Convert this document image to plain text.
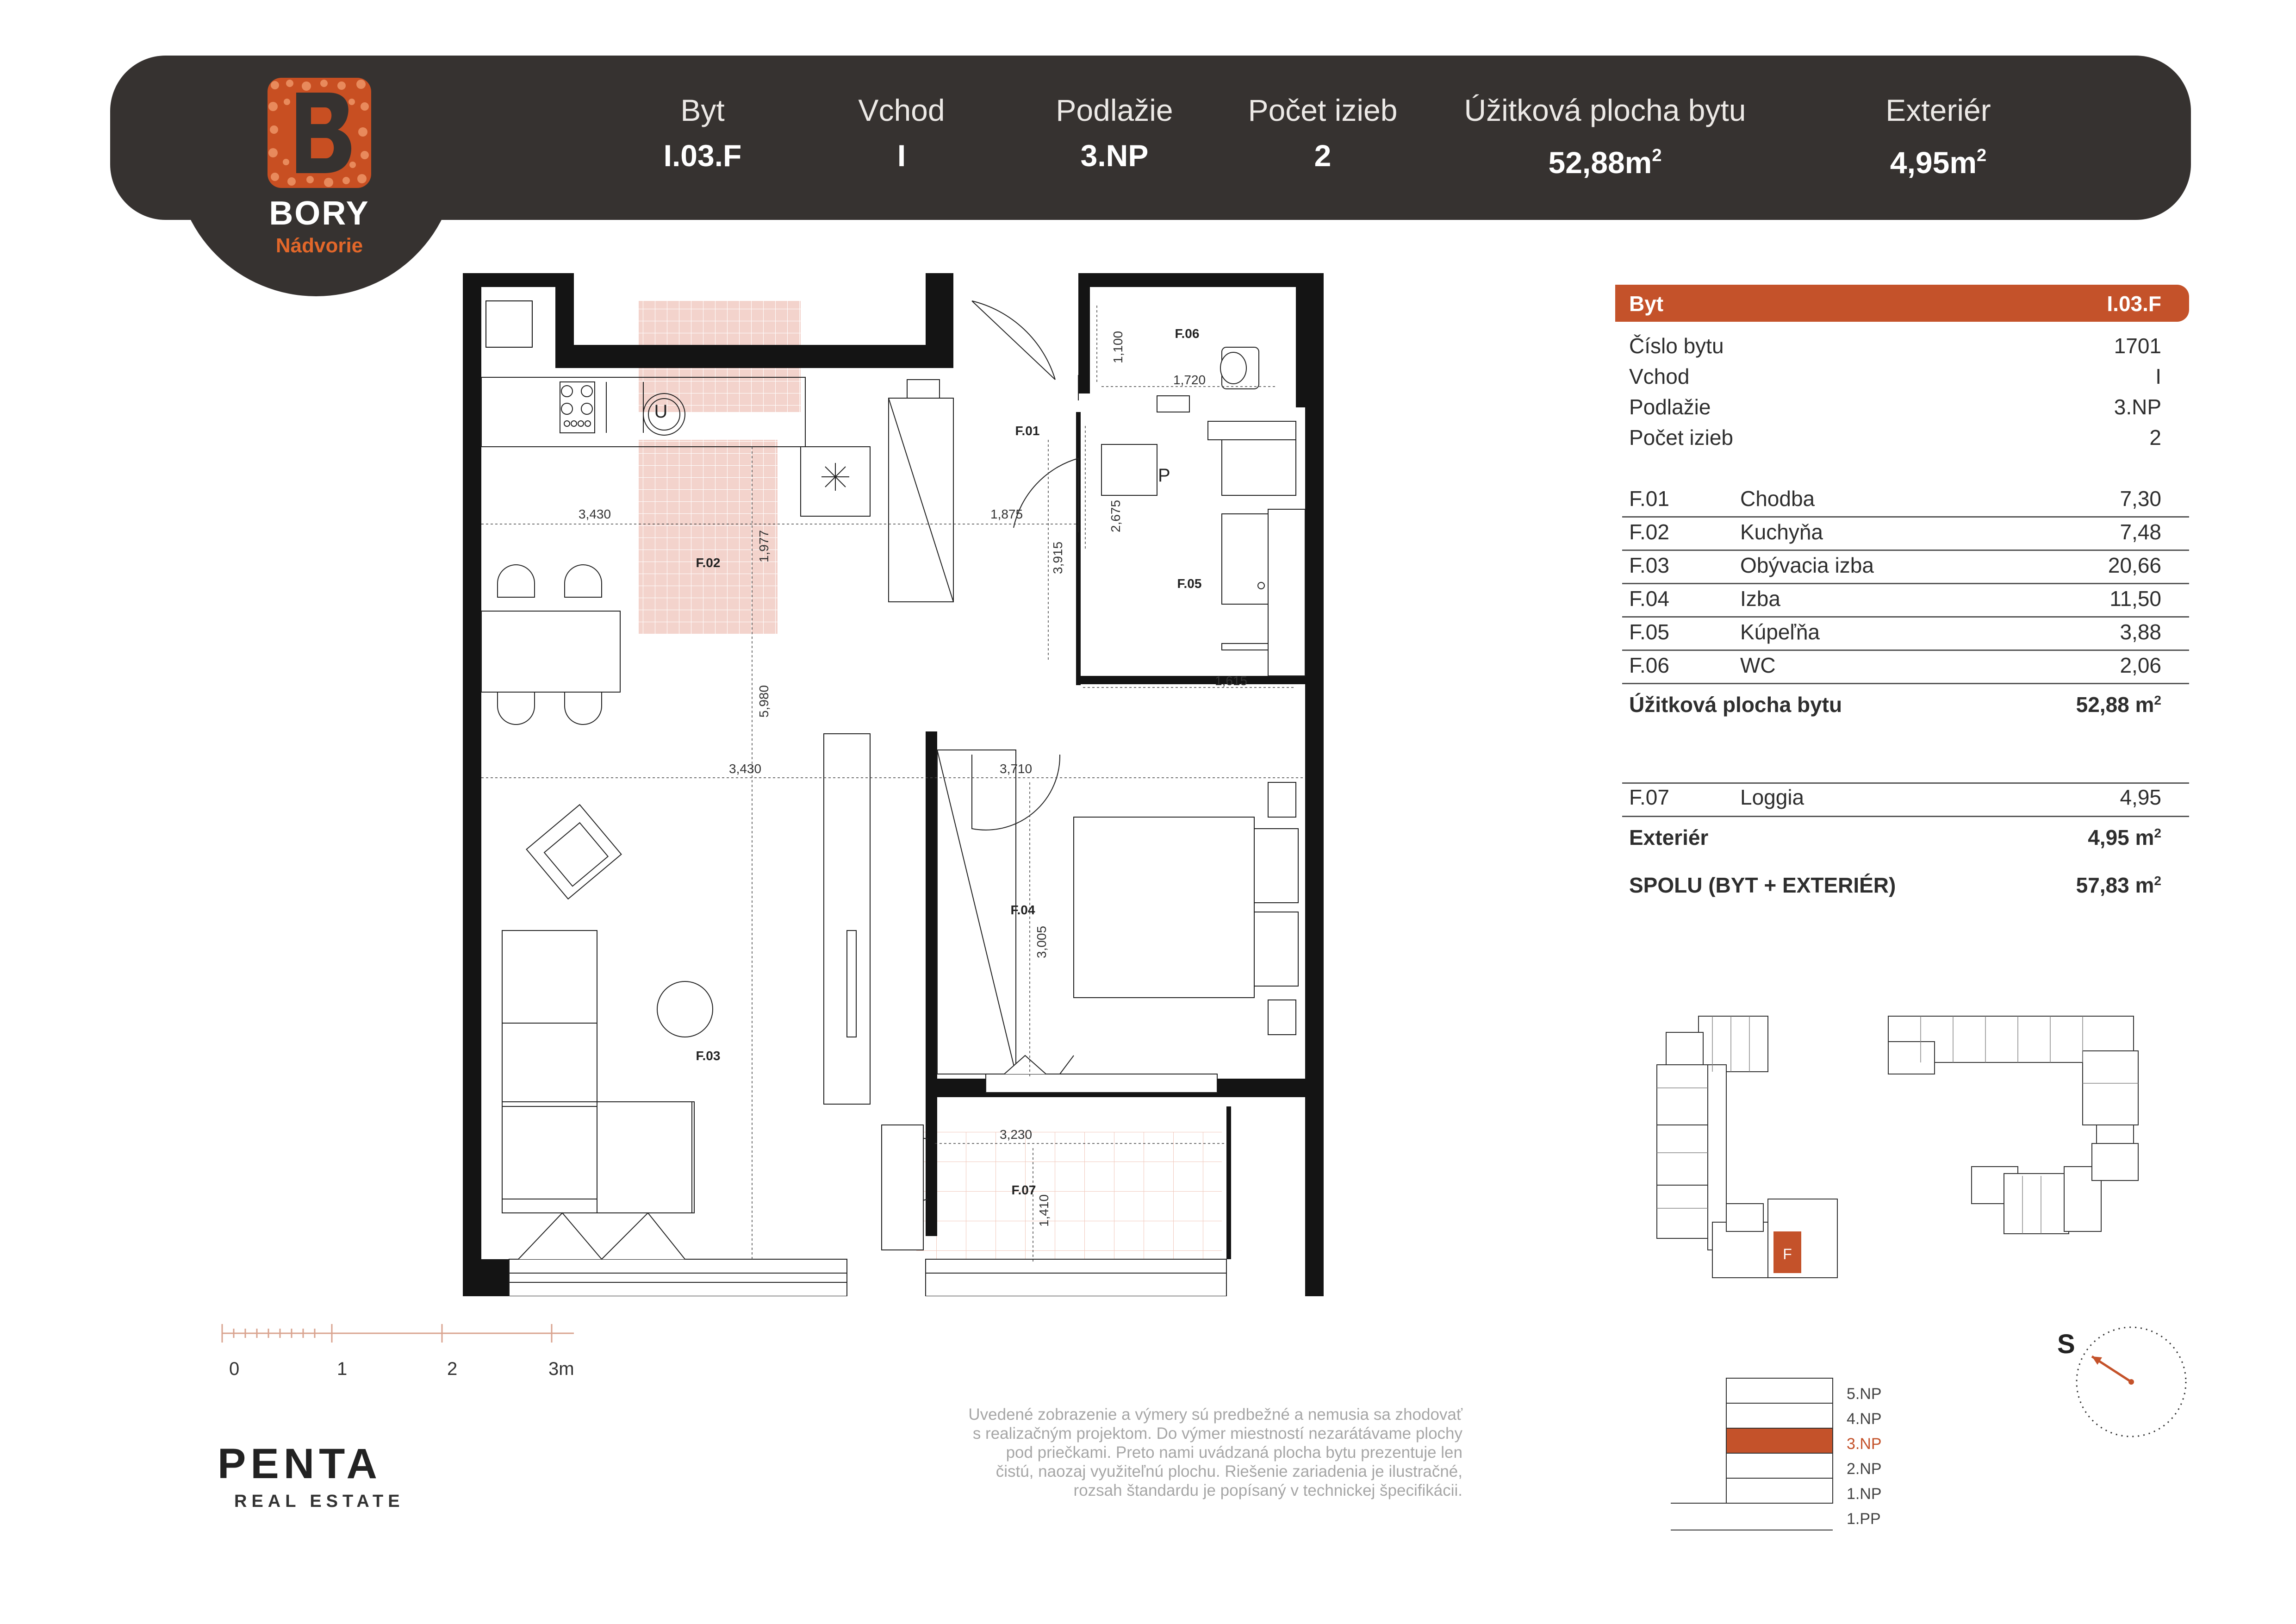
Byt
I.03.F
Vchod
I
Podlažie
3.NP
Počet izieb
2
Úžitková plocha bytu
$52,88m^2$
Exteriér
$4,95m^2$
BORY
Nádvorie
U
P
F.01
F.02
F.03
F.04
F.05
F.06
F.07
3,430
1,977
1,875	2,675
3,915
1,100
1,720
5,980
3,430	3,710
1,615
3,005
3,230
1,410
Byt	I.03.F
Číslo bytu	1701
Vchod	I
Podlažie	3.NP
Počet izieb	2
F.01	Chodba	7,30
F.02	Kuchyňa	7,48
F.03	Obývacia izba	20,66
F.04	Izba	11,50
F.05	Kúpeľňa	3,88
F.06	WC	2,06
Úžitková plocha bytu	52,88 $m^2$
F.07	Loggia	4,95
Exteriér	4,95 $m^2$
SPOLU (BYT + EXTERIÉR)	57,83 $m^2$
F
S
0	1	2	3m
PENTA
REAL ESTATE
Uvedené zobrazenie a výmery sú predbežné a nemusia sa zhodovať
s realizačným projektom. Do výmer miestností nezarátávame plochy
pod priečkami. Preto nami uvádzaná plocha bytu prezentuje len
čistú, naozaj využiteľnú plochu. Riešenie zariadenia je ilustračné,
rozsah štandardu je popísaný v technickej špecifikácii.
5.NP
4.NP
3.NP
2.NP
1.NP
1.PP
